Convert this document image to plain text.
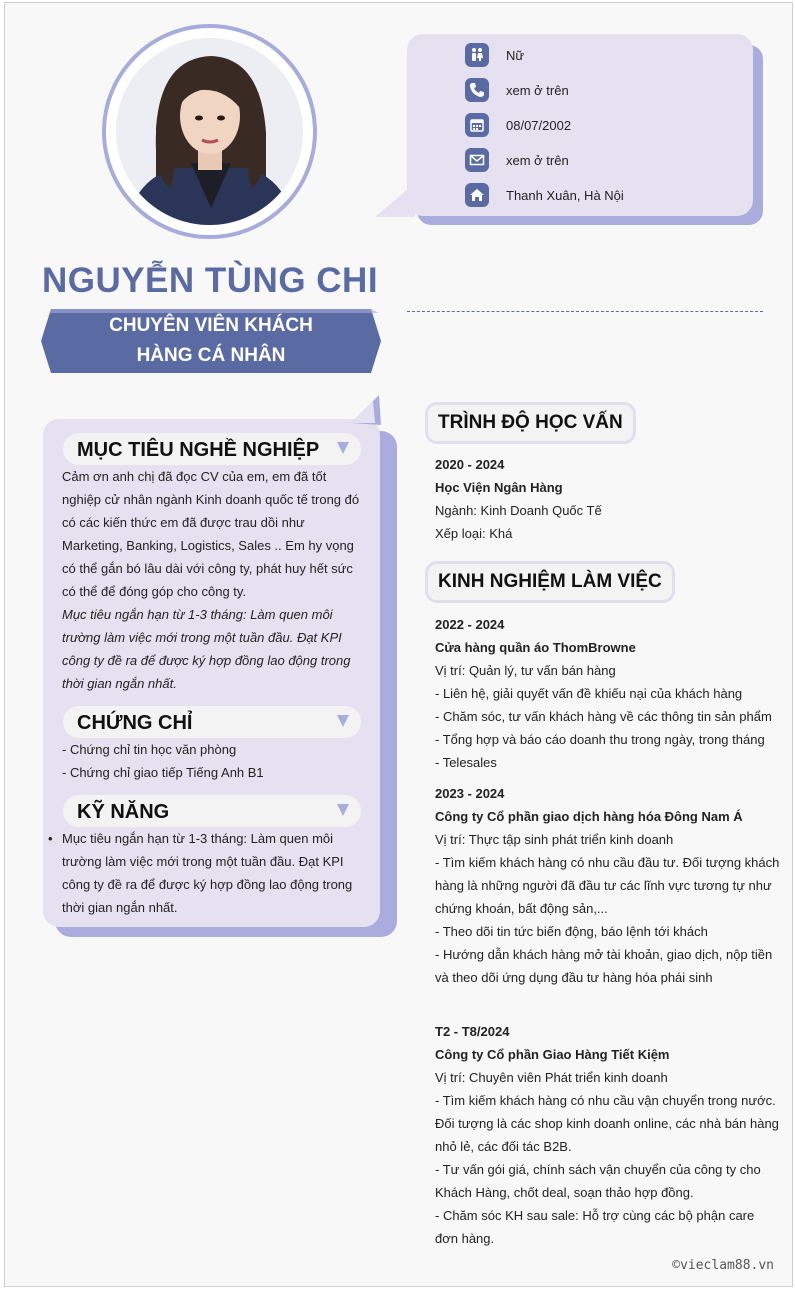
Nữ
xem ở trên
08/07/2002
xem ở trên
Thanh Xuân, Hà Nội
NGUYỄN TÙNG CHI
CHUYÊN VIÊN KHÁCH
HÀNG CÁ NHÂN
MỤC TIÊU NGHỀ NGHIỆP
Cảm ơn anh chị đã đọc CV của em, em đã tốt nghiệp cử nhân ngành Kinh doanh quốc tế trong đó có các kiến thức em đã được trau dồi như Marketing, Banking, Logistics, Sales .. Em hy vọng có thể gắn bó lâu dài với công ty, phát huy hết sức có thể để đóng góp cho công ty.
Mục tiêu ngắn hạn từ 1-3 tháng: Làm quen môi trường làm việc mới trong một tuần đầu. Đạt KPI công ty đề ra để được ký hợp đồng lao động trong thời gian ngắn nhất.
CHỨNG CHỈ
- Chứng chỉ tin học văn phòng
- Chứng chỉ giao tiếp Tiếng Anh B1
KỸ NĂNG
• Mục tiêu ngắn hạn từ 1-3 tháng: Làm quen môi trường làm việc mới trong một tuần đầu. Đạt KPI công ty đề ra để được ký hợp đồng lao động trong thời gian ngắn nhất.
TRÌNH ĐỘ HỌC VẤN
2020 - 2024
Học Viện Ngân Hàng
Ngành: Kinh Doanh Quốc Tế
Xếp loại: Khá
KINH NGHIỆM LÀM VIỆC
2022 - 2024
Cửa hàng quần áo ThomBrowne
Vị trí: Quản lý, tư vấn bán hàng
- Liên hệ, giải quyết vấn đề khiếu nại của khách hàng
- Chăm sóc, tư vấn khách hàng về các thông tin sản phẩm
- Tổng hợp và báo cáo doanh thu trong ngày, trong tháng
- Telesales
2023 - 2024
Công ty Cổ phần giao dịch hàng hóa Đông Nam Á
Vị trí: Thực tập sinh phát triển kinh doanh
- Tìm kiếm khách hàng có nhu cầu đầu tư. Đối tượng khách hàng là những người đã đầu tư các lĩnh vực tương tự như chứng khoán, bất động sản,...
- Theo dõi tin tức biến động, báo lệnh tới khách
- Hướng dẫn khách hàng mở tài khoản, giao dịch, nộp tiền và theo dõi ứng dụng đầu tư hàng hóa phái sinh
T2 - T8/2024
Công ty Cổ phần Giao Hàng Tiết Kiệm
Vị trí: Chuyên viên Phát triển kinh doanh
- Tìm kiếm khách hàng có nhu cầu vận chuyển trong nước. Đối tượng là các shop kinh doanh online, các nhà bán hàng nhỏ lẻ, các đối tác B2B.
- Tư vấn gói giá, chính sách vận chuyển của công ty cho Khách Hàng, chốt deal, soạn thảo hợp đồng.
- Chăm sóc KH sau sale: Hỗ trợ cùng các bộ phận care đơn hàng.
©vieclam88.vn
